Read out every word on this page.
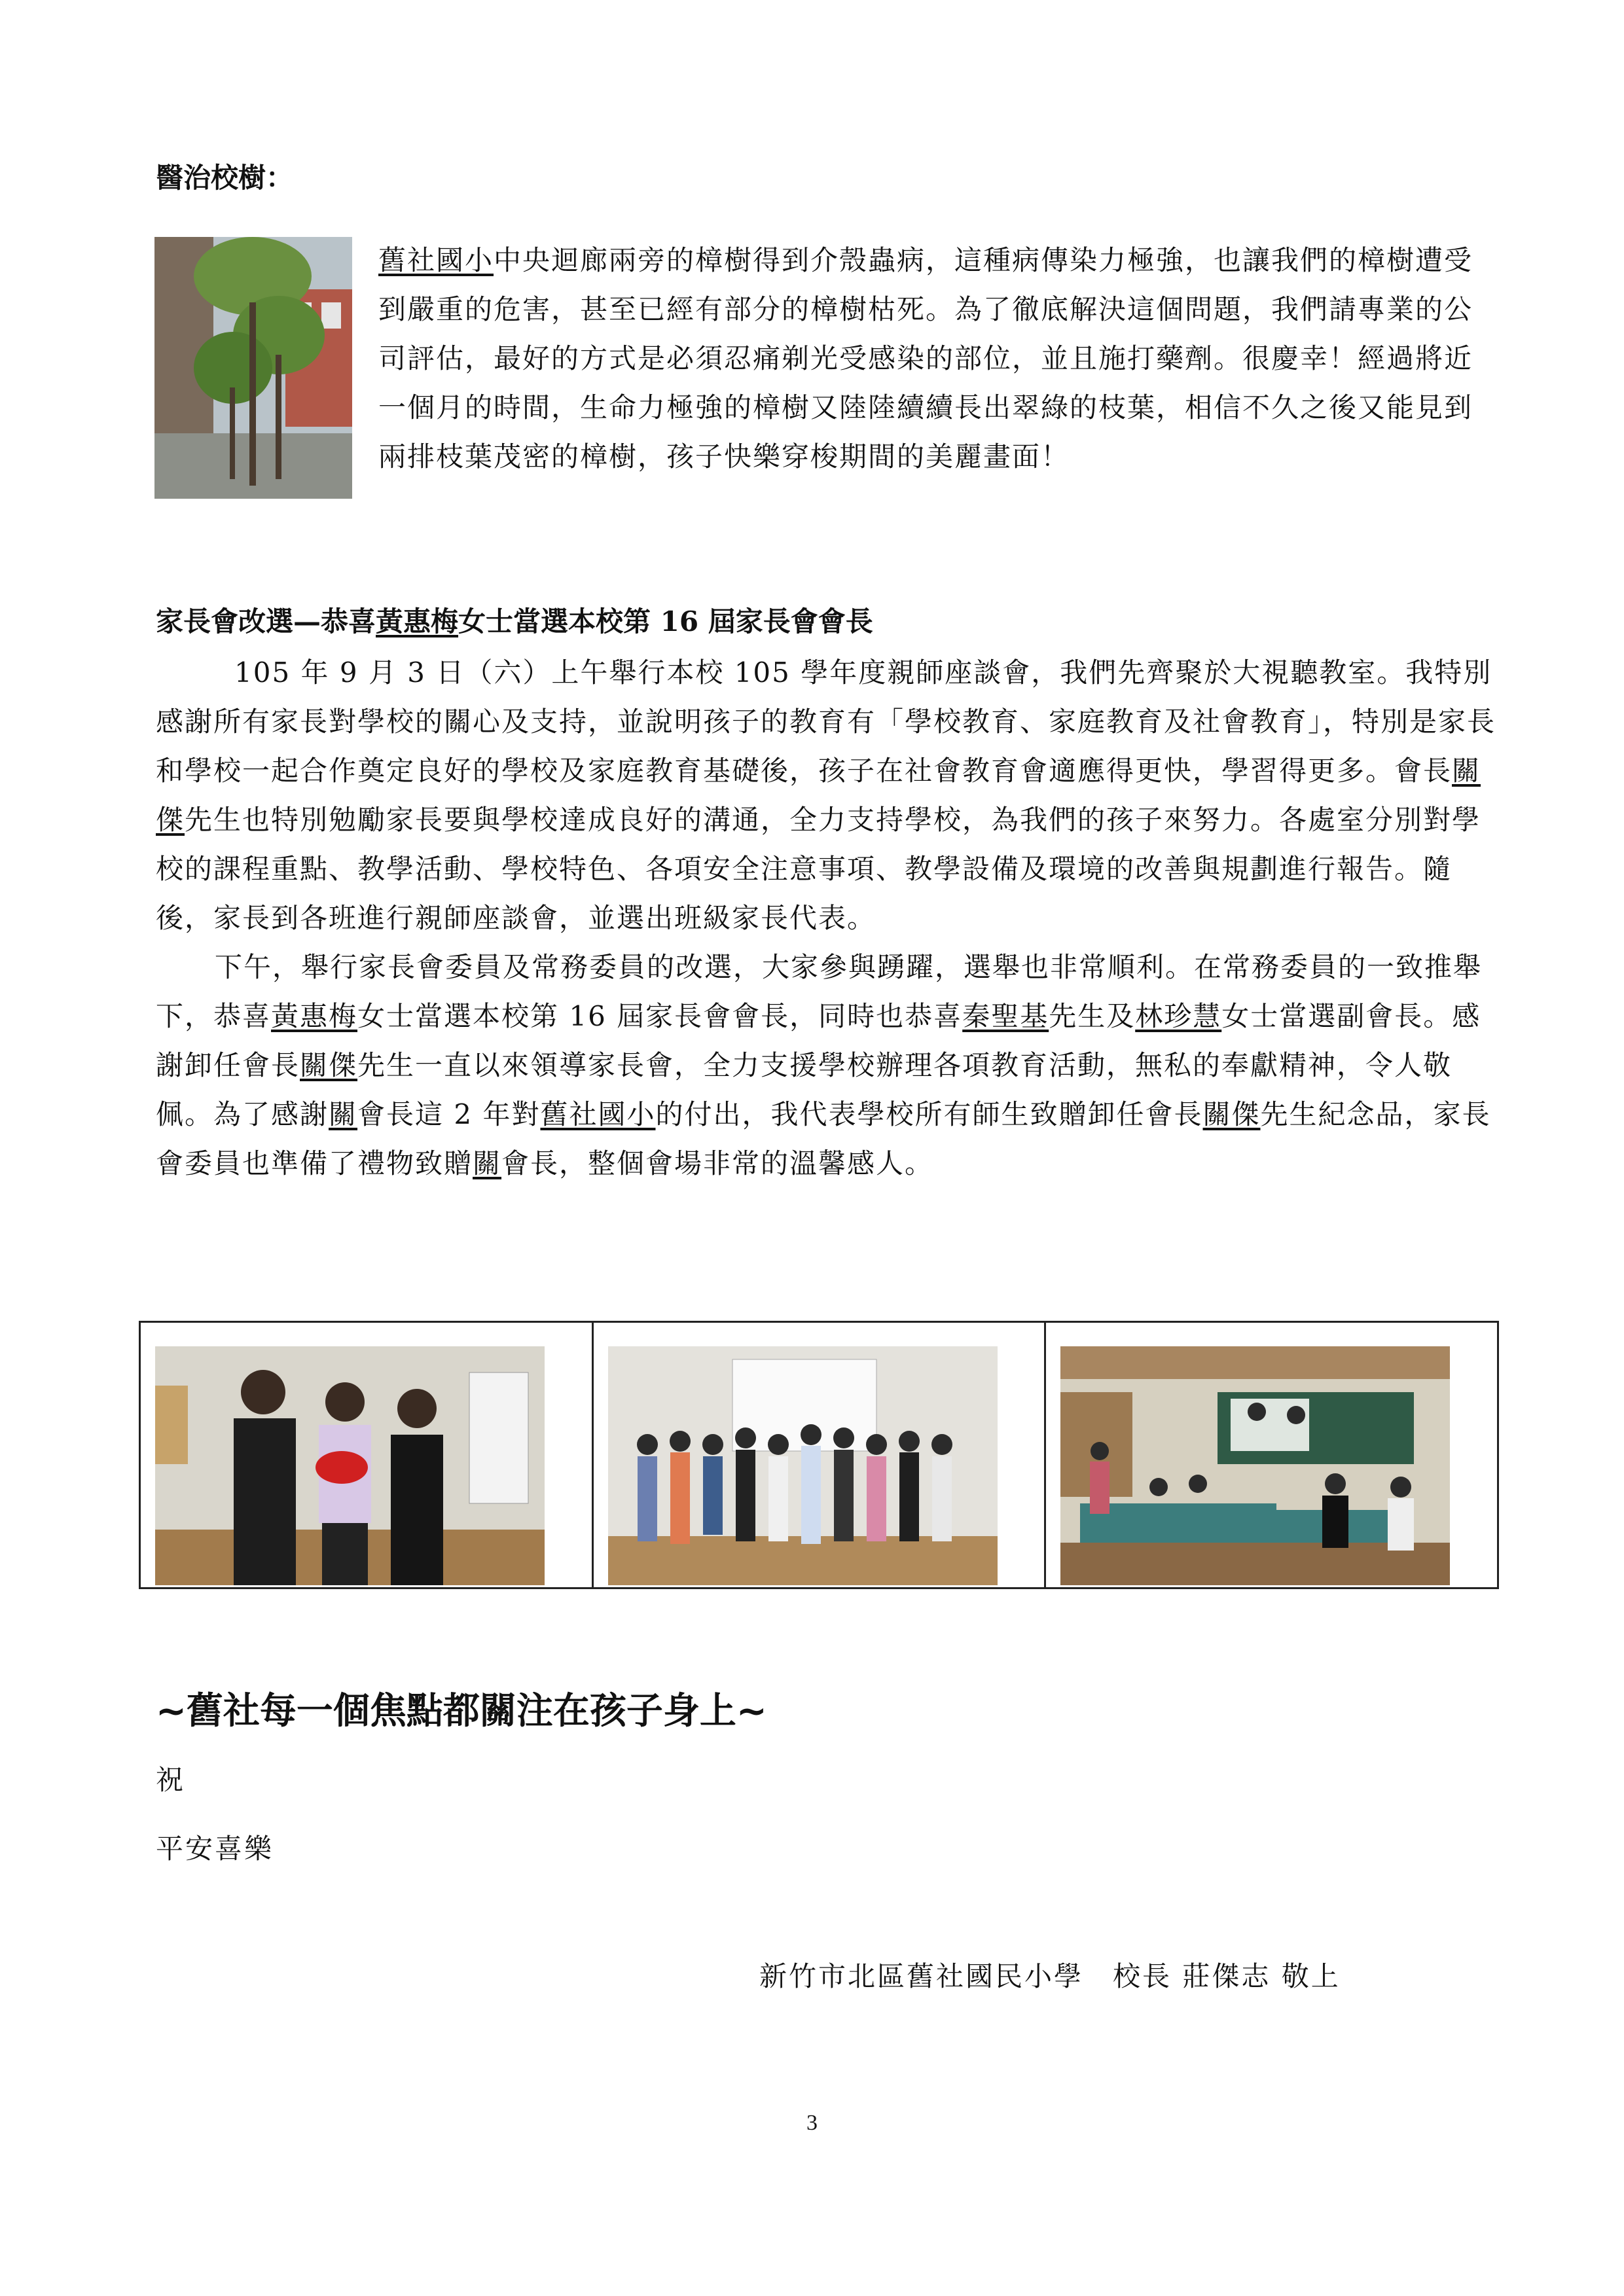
醫治校樹：
舊社國小中央迴廊兩旁的樟樹得到介殼蟲病，這種病傳染力極強，也讓我們的樟樹遭受到嚴重的危害，甚至已經有部分的樟樹枯死。為了徹底解決這個問題，我們請專業的公司評估，最好的方式是必須忍痛剃光受感染的部位，並且施打藥劑。很慶幸！經過將近一個月的時間，生命力極強的樟樹又陸陸續續長出翠綠的枝葉，相信不久之後又能見到兩排枝葉茂密的樟樹，孩子快樂穿梭期間的美麗畫面！
家長會改選—恭喜黃惠梅女士當選本校第 16 屆家長會會長

105 年 9 月 3 日（六）上午舉行本校 105 學年度親師座談會，我們先齊聚於大視聽教室。我特別感謝所有家長對學校的關心及支持，並說明孩子的教育有「學校教育、家庭教育及社會教育」，特別是家長和學校一起合作奠定良好的學校及家庭教育基礎後，孩子在社會教育會適應得更快，學習得更多。會長關傑先生也特別勉勵家長要與學校達成良好的溝通，全力支持學校，為我們的孩子來努力。各處室分別對學校的課程重點、教學活動、學校特色、各項安全注意事項、教學設備及環境的改善與規劃進行報告。隨後，家長到各班進行親師座談會，並選出班級家長代表。

下午，舉行家長會委員及常務委員的改選，大家參與踴躍，選舉也非常順利。在常務委員的一致推舉下，恭喜黃惠梅女士當選本校第 16 屆家長會會長，同時也恭喜秦聖基先生及林珍慧女士當選副會長。感謝卸任會長關傑先生一直以來領導家長會，全力支援學校辦理各項教育活動，無私的奉獻精神，令人敬佩。為了感謝關會長這 2 年對舊社國小的付出，我代表學校所有師生致贈卸任會長關傑先生紀念品，家長會委員也準備了禮物致贈關會長，整個會場非常的溫馨感人。

~舊社每一個焦點都關注在孩子身上~
祝
平安喜樂
新竹市北區舊社國民小學　校長 莊傑志 敬上
3
